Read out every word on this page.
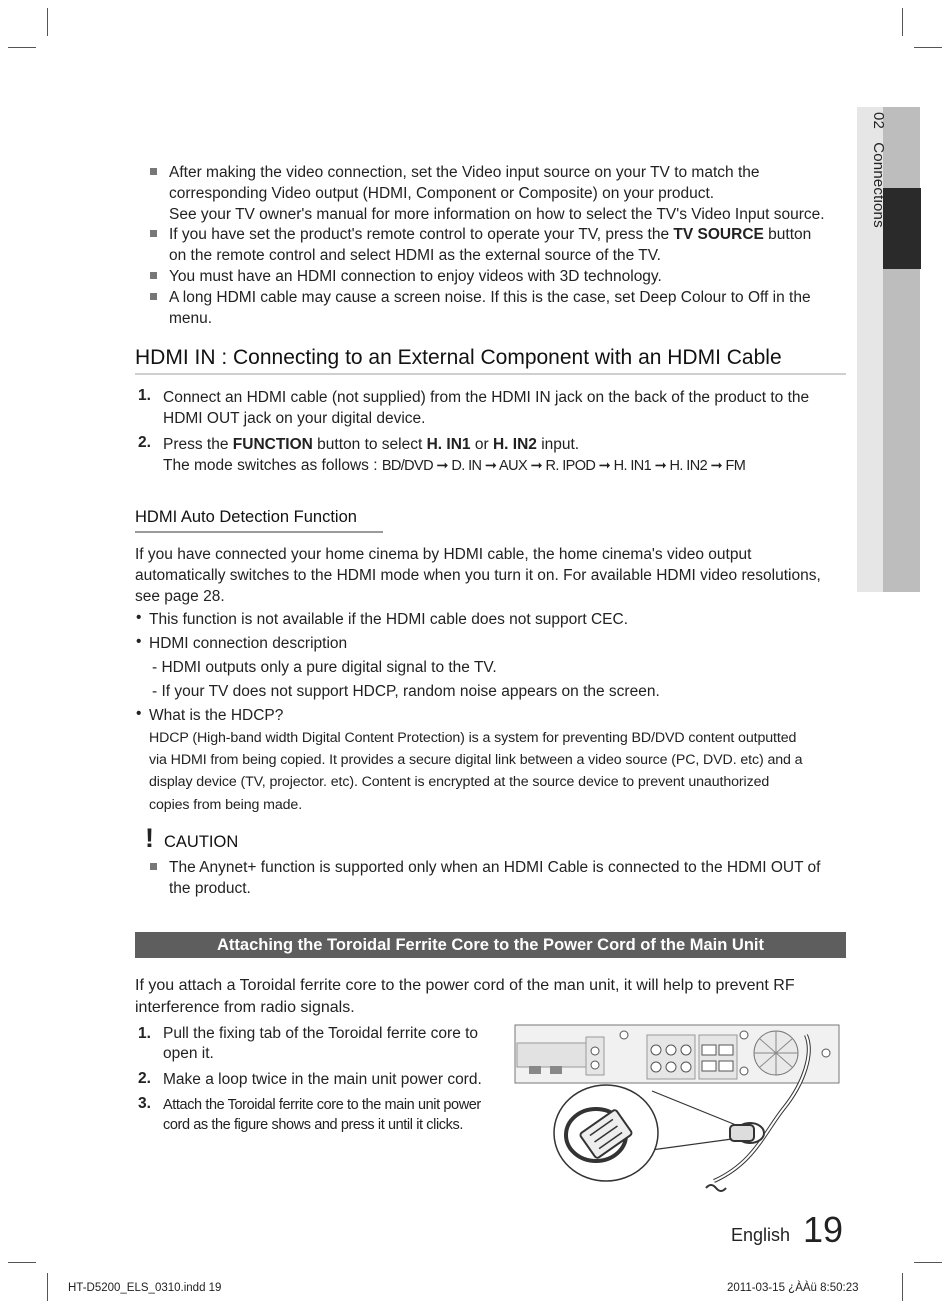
02   Connections
After making the video connection, set the Video input source on your TV to match the
corresponding Video output (HDMI, Component or Composite) on your product.
See your TV owner's manual for more information on how to select the TV's Video Input source.
If you have set the product's remote control to operate your TV, press the TV SOURCE button
on the remote control and select HDMI as the external source of the TV.
You must have an HDMI connection to enjoy videos with 3D technology.
A long HDMI cable may cause a screen noise. If this is the case, set Deep Colour to Off in the
menu.
HDMI IN : Connecting to an External Component with an HDMI Cable
1. Connect an HDMI cable (not supplied) from the HDMI IN jack on the back of the product to the
HDMI OUT jack on your digital device.
2. Press the FUNCTION button to select H. IN1 or H. IN2 input.
The mode switches as follows : BD/DVD ➞ D. IN ➞ AUX ➞ R. IPOD ➞ H. IN1 ➞ H. IN2 ➞ FM
HDMI Auto Detection Function
If you have connected your home cinema by HDMI cable, the home cinema's video output
automatically switches to the HDMI mode when you turn it on. For available HDMI video resolutions,
see page 28.
• This function is not available if the HDMI cable does not support CEC.
• HDMI connection description
- HDMI outputs only a pure digital signal to the TV.
- If your TV does not support HDCP, random noise appears on the screen.
• What is the HDCP?
HDCP (High-band width Digital Content Protection) is a system for preventing BD/DVD content outputted
via HDMI from being copied. It provides a secure digital link between a video source (PC, DVD. etc) and a
display device (TV, projector. etc). Content is encrypted at the source device to prevent unauthorized
copies from being made.
! CAUTION
The Anynet+ function is supported only when an HDMI Cable is connected to the HDMI OUT of
the product.
Attaching the Toroidal Ferrite Core to the Power Cord of the Main Unit
If you attach a Toroidal ferrite core to the power cord of the man unit, it will help to prevent RF
interference from radio signals.
1. Pull the fixing tab of the Toroidal ferrite core to
open it.
2. Make a loop twice in the main unit power cord.
3. Attach the Toroidal ferrite core to the main unit power
cord as the figure shows and press it until it clicks.
English 19
HT-D5200_ELS_0310.indd 19	2011-03-15 ¿ÀÀü 8:50:23
